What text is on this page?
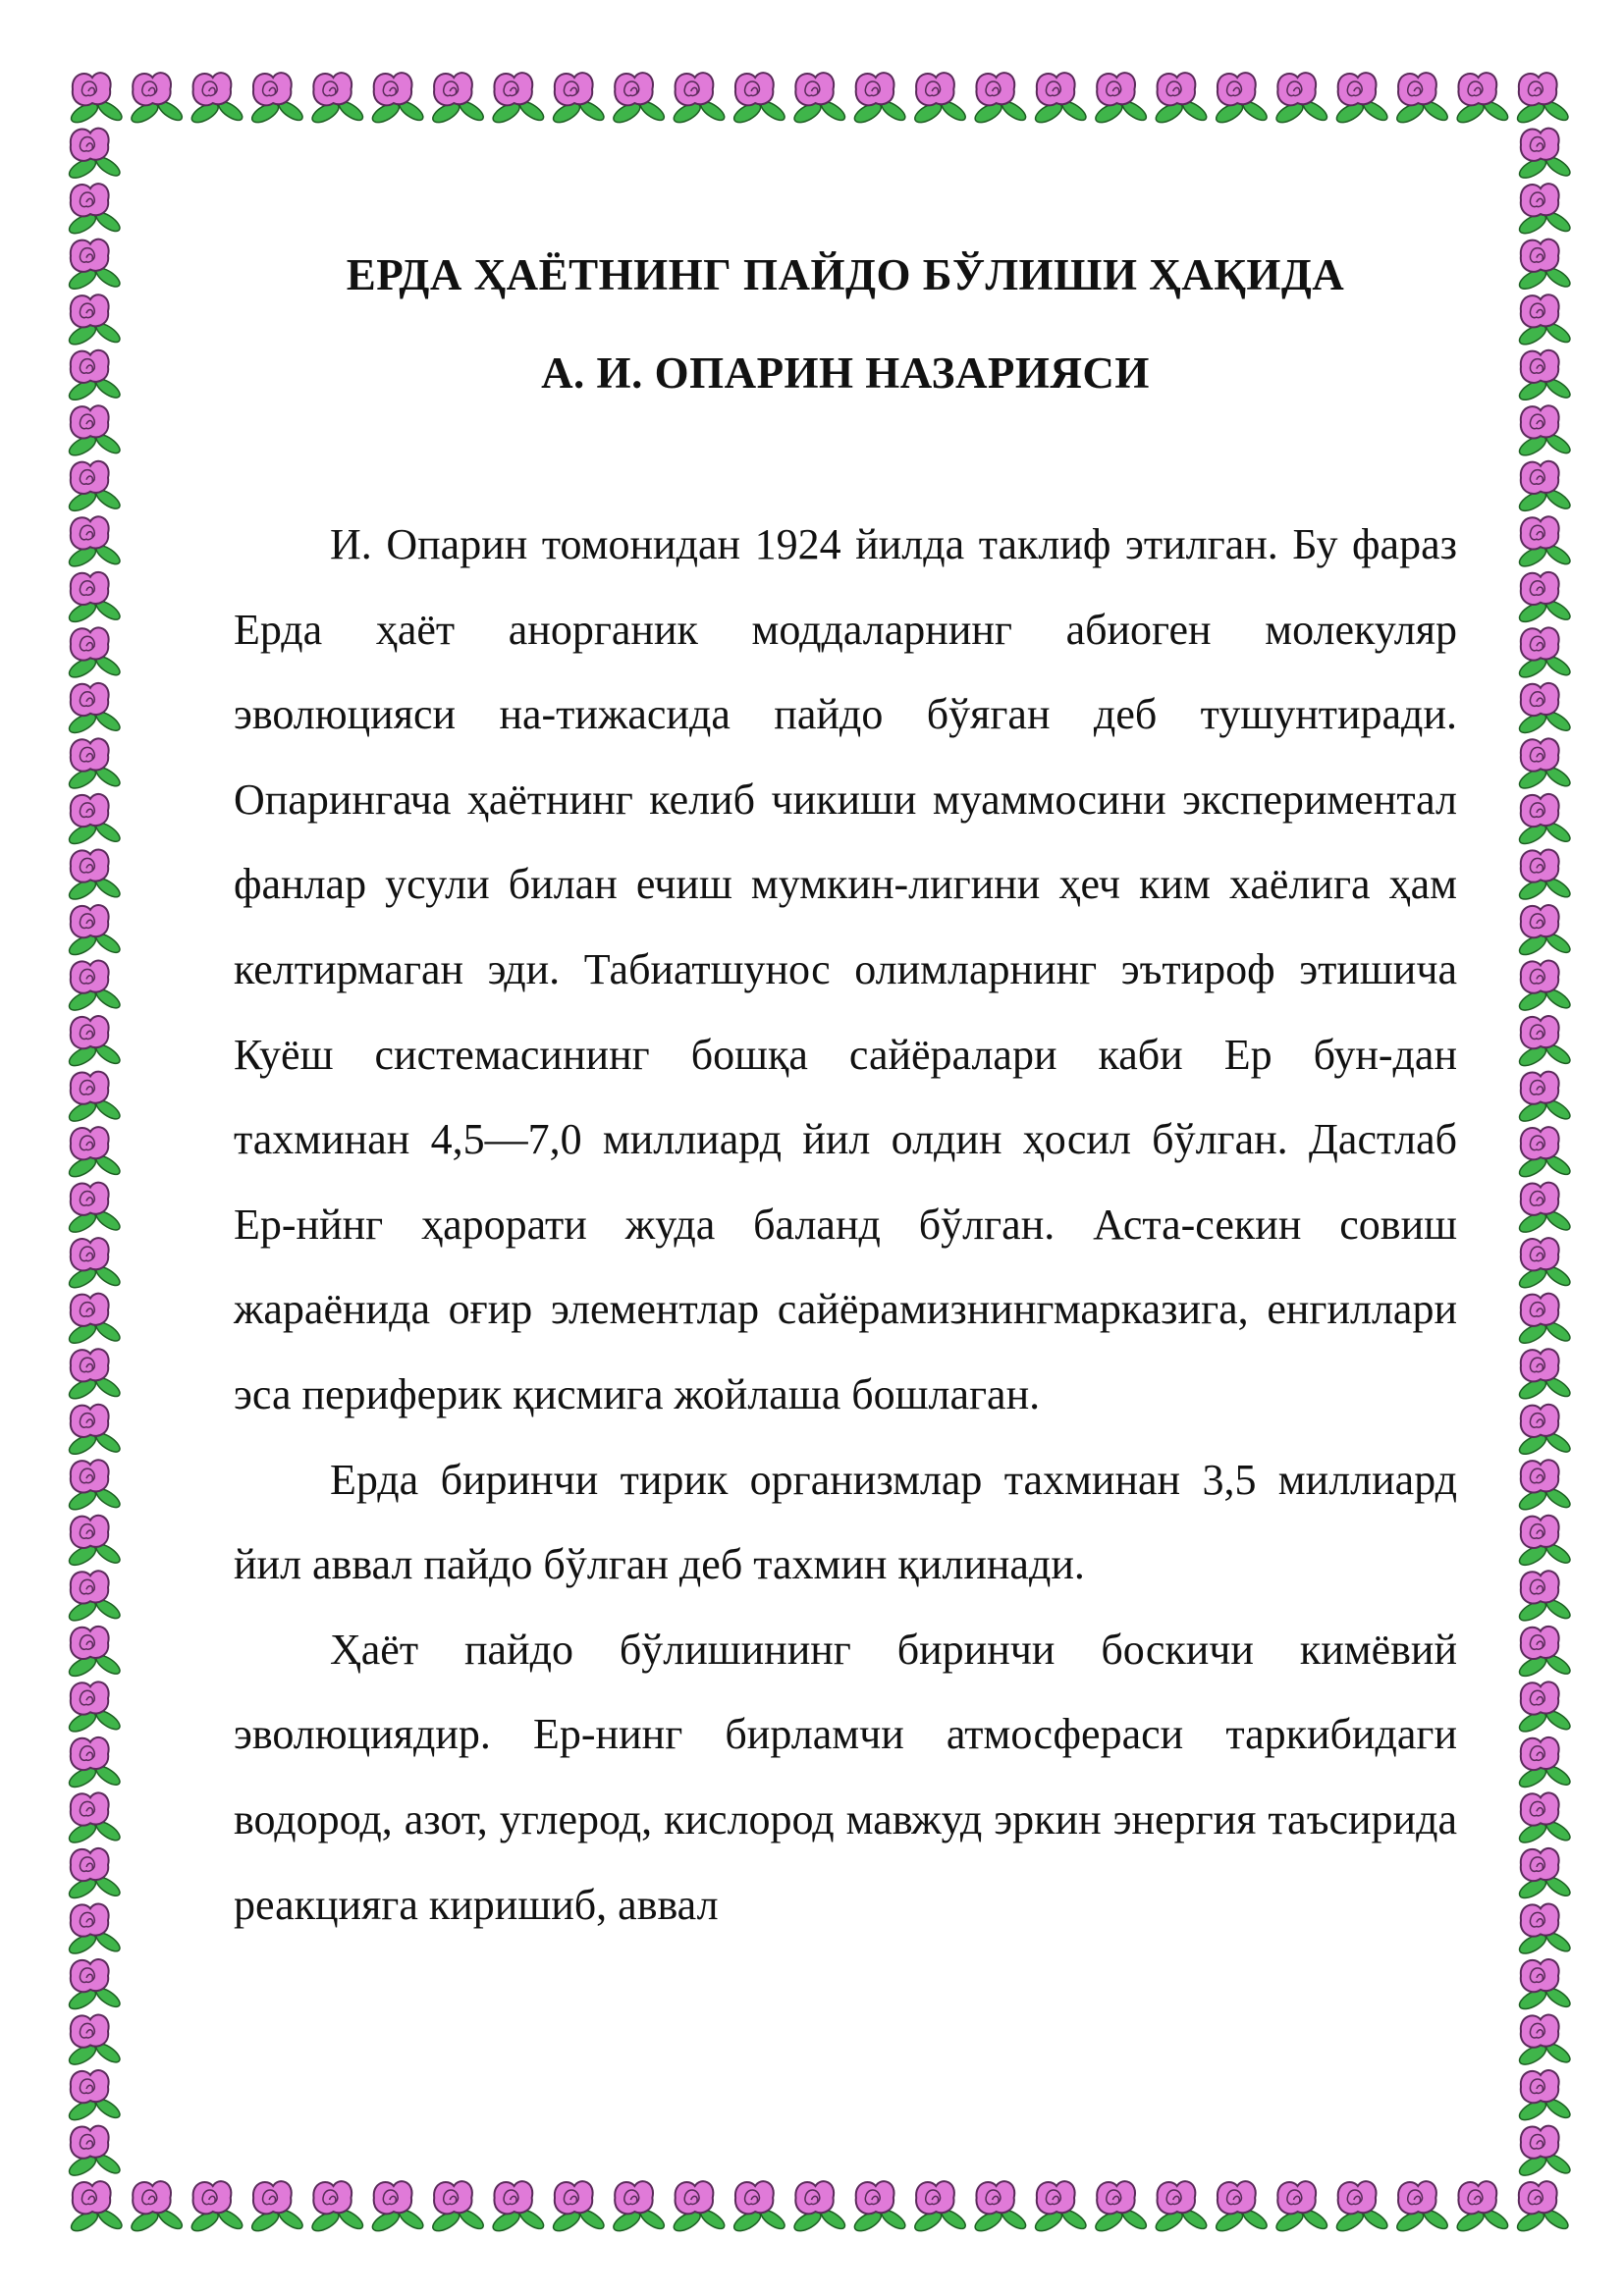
ЕРДА ҲАЁТНИНГ ПАЙДО БЎЛИШИ ҲАҚИДА

А. И. ОПАРИН НАЗАРИЯСИ

И. Опарин томонидан 1924 йилда таклиф этилган. Бу фараз Ерда ҳаёт анорганик моддаларнинг абиоген молекуляр эволюцияси на-тижасида пайдо бўяган деб тушунтиради. Опарингача ҳаётнинг келиб чикиши муаммосини экспериментал фанлар усули билан ечиш мумкин-лигини ҳеч ким хаёлига ҳам келтирмаган эди. Табиатшунос олимларнинг эътироф этишича Куёш системасининг бошқа сайёралари каби Ер бун-дан тахминан 4,5—7,0 миллиард йил олдин ҳосил бўлган. Дастлаб Ер-нйнг ҳарорати жуда баланд бўлган. Аста-секин совиш жараёнида оғир элементлар сайёрамизнингмарказига, енгиллари эса периферик қисмига жойлаша бошлаган.

Ерда биринчи тирик организмлар тахминан 3,5 миллиард йил аввал пайдо бўлган деб тахмин қилинади.

Ҳаёт пайдо бўлишининг биринчи боскичи кимёвий эволюциядир. Ер-нинг бирламчи атмосфераси таркибидаги водород, азот, углерод, кислород мавжуд эркин энергия таъсирида реакцияга киришиб, аввал
